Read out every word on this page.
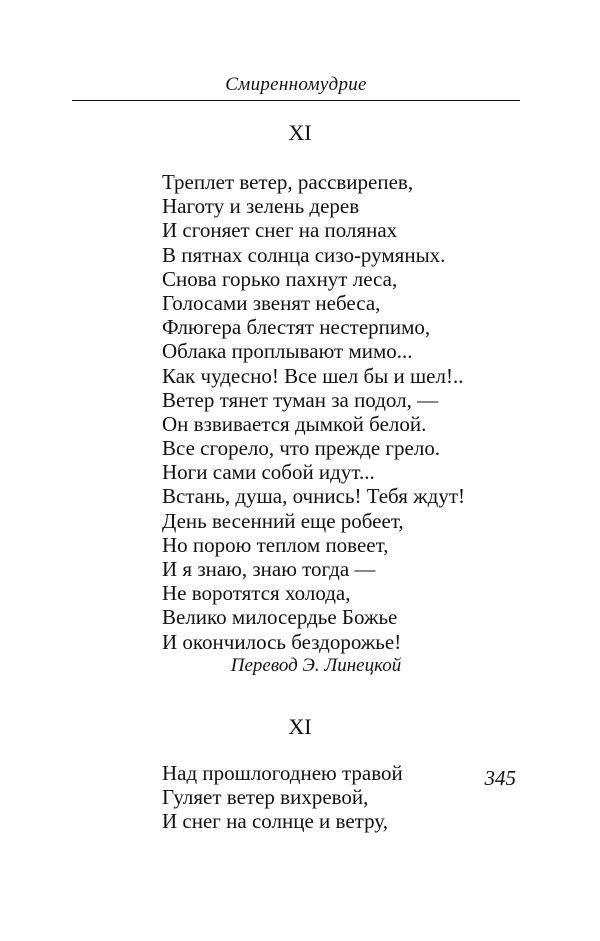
Смиренномудрие
XI
Треплет ветер, рассвирепев,
Наготу и зелень дерев
И сгоняет снег на полянах
В пятнах солнца сизо-румяных.
Снова горько пахнут леса,
Голосами звенят небеса,
Флюгера блестят нестерпимо,
Облака проплывают мимо...
Как чудесно! Все шел бы и шел!..
Ветер тянет туман за подол, —
Он взвивается дымкой белой.
Все сгорело, что прежде грело.
Ноги сами собой идут...
Встань, душа, очнись! Тебя ждут!
День весенний еще робеет,
Но порою теплом повеет,
И я знаю, знаю тогда —
Не воротятся холода,
Велико милосердье Божье
И окончилось бездорожье!
Перевод Э. Линецкой
XI
Над прошлогоднею травой
Гуляет ветер вихревой,
И снег на солнце и ветру,
345
